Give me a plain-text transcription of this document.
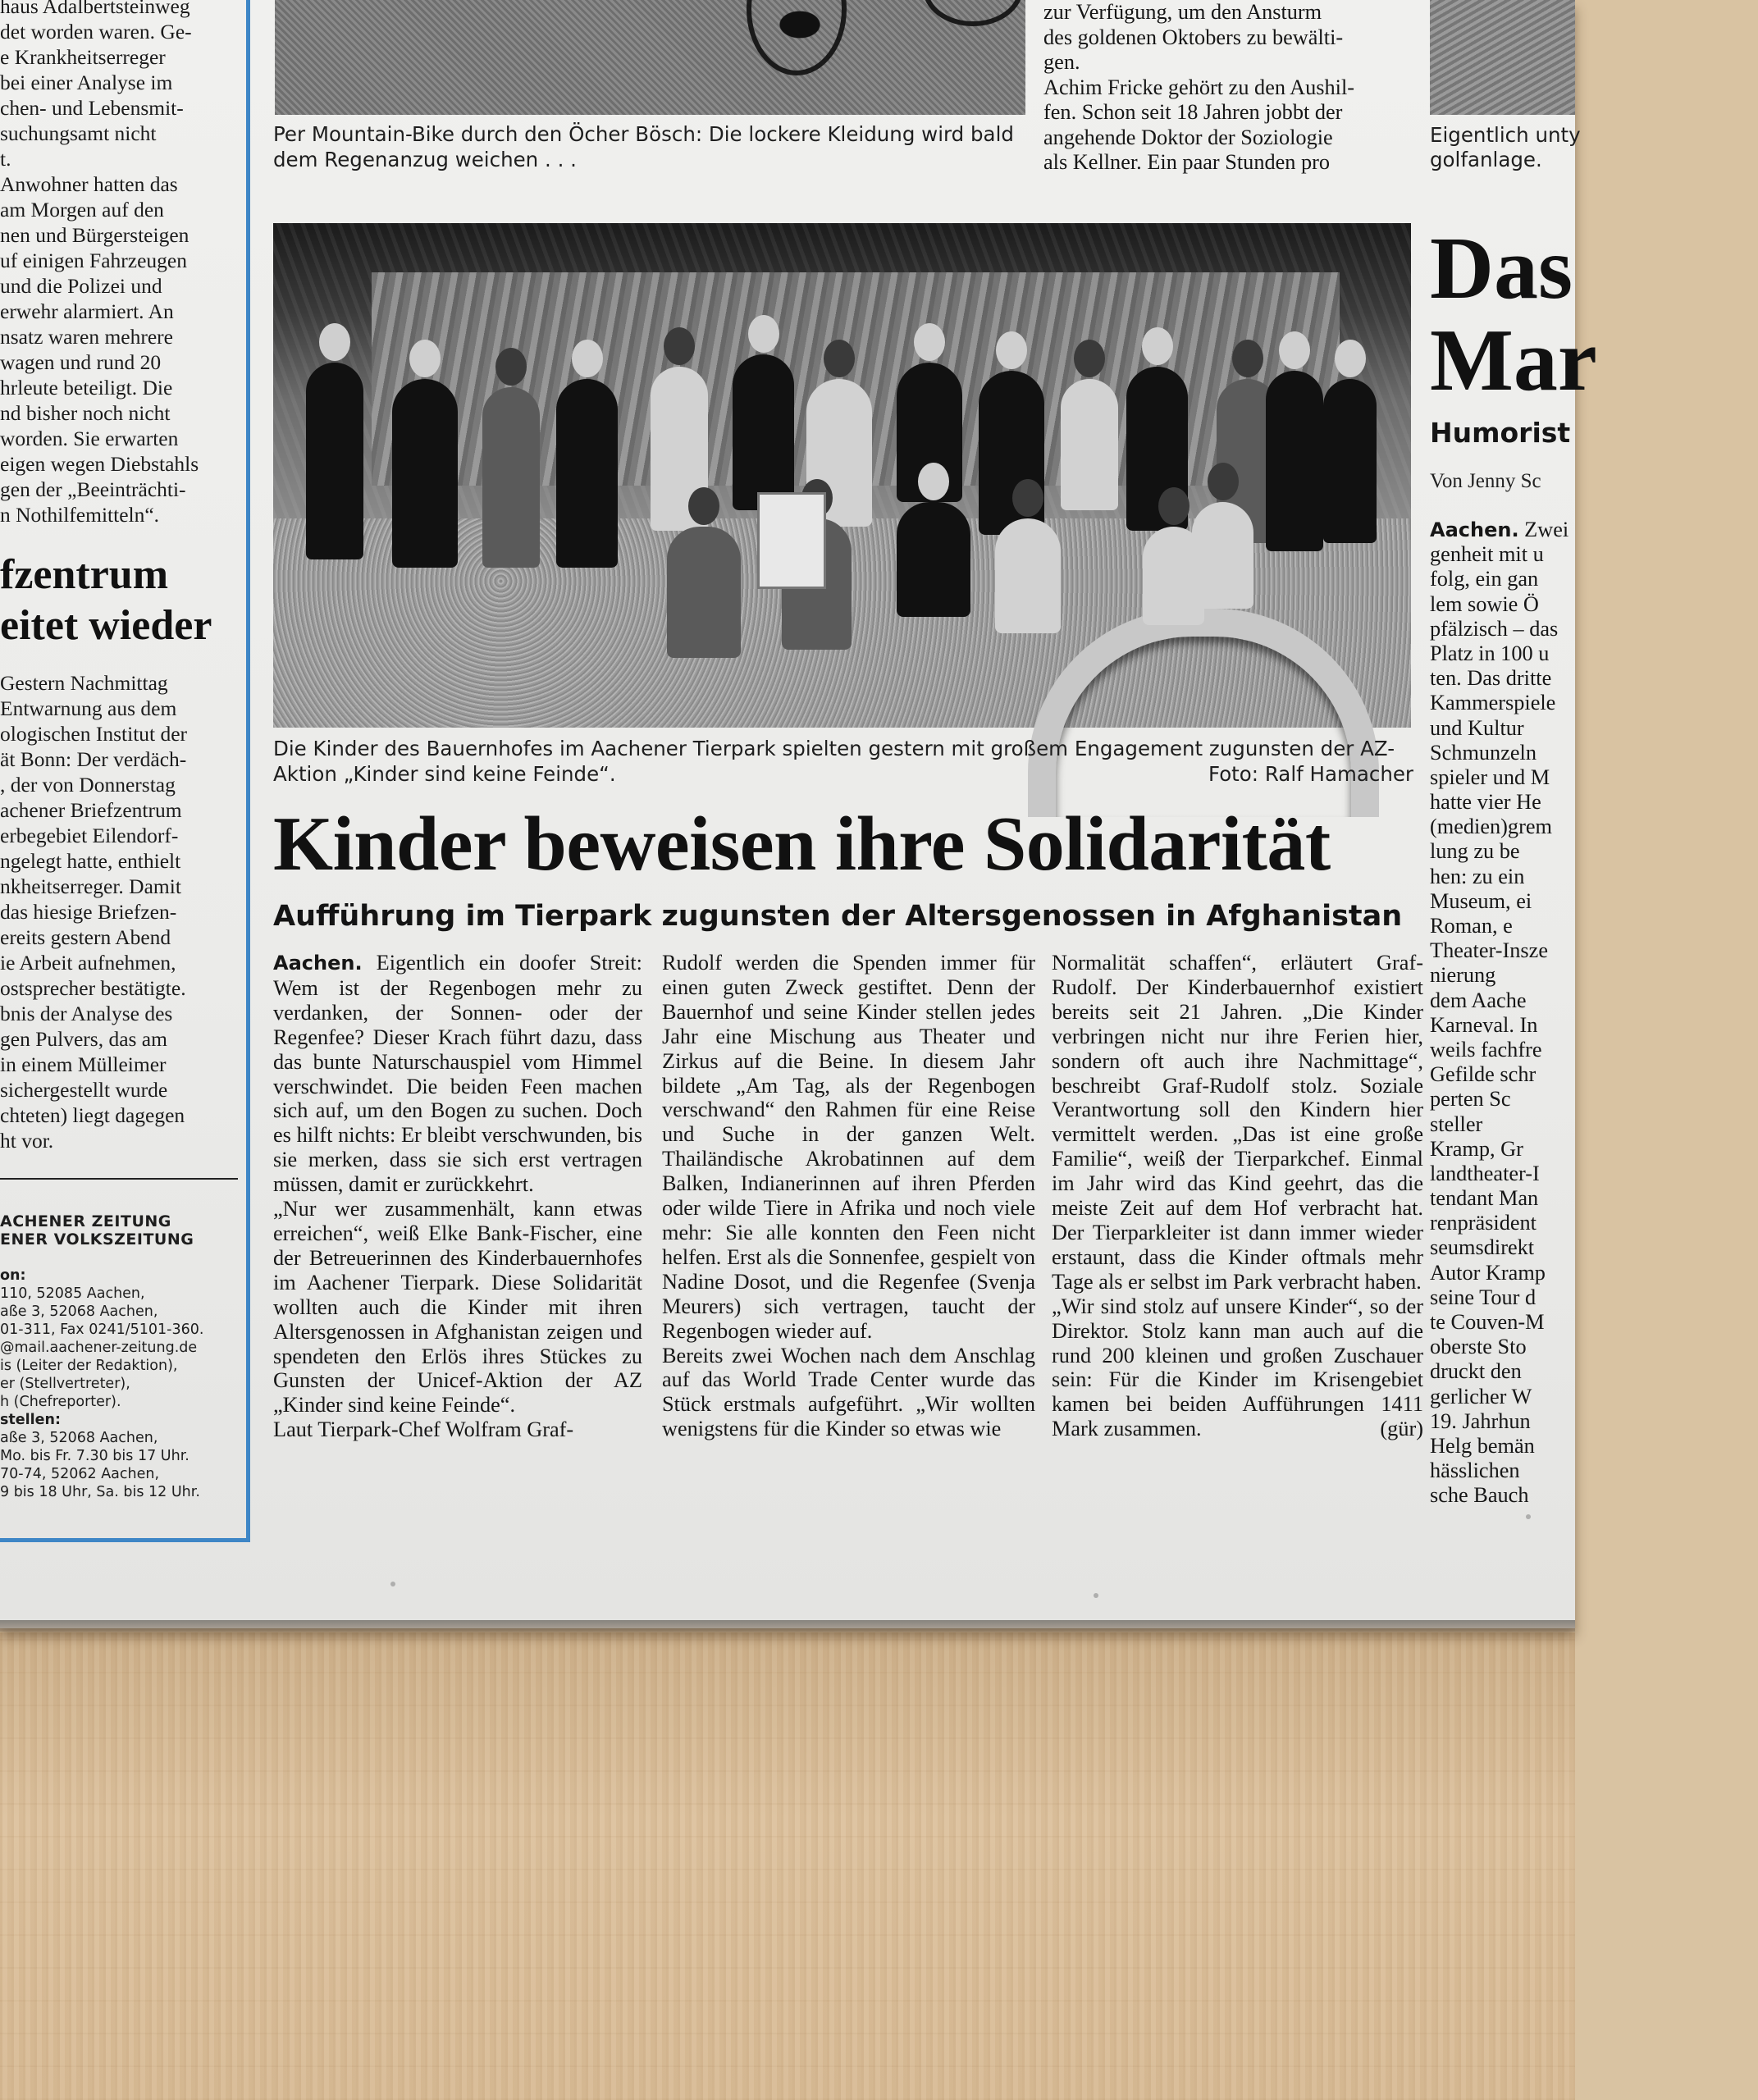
haus Adalbertsteinweg

det worden waren. Ge-

e Krankheitserreger

bei einer Analyse im

chen- und Lebensmit-

suchungsamt nicht

t.

Anwohner hatten das

am Morgen auf den

nen und Bürgersteigen

uf einigen Fahrzeugen

und die Polizei und

erwehr alarmiert. An

nsatz waren mehrere

wagen und rund 20

hrleute beteiligt. Die

nd bisher noch nicht

worden. Sie erwarten

eigen wegen Diebstahls

gen der „Beeinträchti-

n Nothilfemitteln“.

fzentrum
eitet wieder

Gestern Nachmittag

Entwarnung aus dem

ologischen Institut der

ät Bonn: Der verdäch-

, der von Donnerstag

achener Briefzentrum

erbegebiet Eilendorf-

ngelegt hatte, enthielt

nkheitserreger. Damit

das hiesige Briefzen-

ereits gestern Abend

ie Arbeit aufnehmen,

ostsprecher bestätigte.

bnis der Analyse des

gen Pulvers, das am

in einem Mülleimer

sichergestellt wurde

chteten) liegt dagegen

ht vor.

ACHENER ZEITUNG
ENER VOLKSZEITUNG
on:
110, 52085 Aachen,
aße 3, 52068 Aachen,
01-311, Fax 0241/5101-360.
@mail.aachener-zeitung.de
is (Leiter der Redaktion),
er (Stellvertreter),
h (Chefreporter).
stellen:
aße 3, 52068 Aachen,
Mo. bis Fr. 7.30 bis 17 Uhr.
70-74, 52062 Aachen,
9 bis 18 Uhr, Sa. bis 12 Uhr.
Per Mountain-Bike durch den Öcher Bösch: Die lockere Kleidung wird bald dem Regenanzug weichen . . .

zur Verfügung, um den Ansturm

des goldenen Oktobers zu bewälti-

gen.

Achim Fricke gehört zu den Aushil-

fen. Schon seit 18 Jahren jobbt der

angehende Doktor der Soziologie

als Kellner. Ein paar Stunden pro

Die Kinder des Bauernhofes im Aachener Tierpark spielten gestern mit großem Engagement zugunsten der AZ-Aktion „Kinder sind keine Feinde“.	Foto: Ralf Hamacher
Kinder beweisen ihre Solidarität
Aufführung im Tierpark zugunsten der Altersgenossen in Afghanistan

Aachen. Eigentlich ein doofer Streit: Wem ist der Regenbogen mehr zu verdanken, der Sonnen- oder der Regenfee? Dieser Krach führt dazu, dass das bunte Naturschauspiel vom Himmel verschwindet. Die beiden Feen machen sich auf, um den Bogen zu suchen. Doch es hilft nichts: Er bleibt verschwunden, bis sie merken, dass sie sich erst vertragen müssen, damit er zurückkehrt.

„Nur wer zusammenhält, kann etwas erreichen“, weiß Elke Bank-Fischer, eine der Betreuerinnen des Kinderbauernhofes im Aachener Tierpark. Diese Solidarität wollten auch die Kinder mit ihren Altersgenossen in Afghanistan zeigen und spendeten den Erlös ihres Stückes zu Gunsten der Unicef-Aktion der AZ „Kinder sind keine Feinde“.

Laut Tierpark-Chef Wolfram Graf-

Rudolf werden die Spenden immer für einen guten Zweck gestiftet. Denn der Bauernhof und seine Kinder stellen jedes Jahr eine Mischung aus Theater und Zirkus auf die Beine. In diesem Jahr bildete „Am Tag, als der Regenbogen verschwand“ den Rahmen für eine Reise und Suche in der ganzen Welt. Thailändische Akrobatinnen auf dem Balken, Indianerinnen auf ihren Pferden oder wilde Tiere in Afrika und noch viele mehr: Sie alle konnten den Feen nicht helfen. Erst als die Sonnenfee, gespielt von Nadine Dosot, und die Regenfee (Svenja Meurers) sich vertragen, taucht der Regenbogen wieder auf.

Bereits zwei Wochen nach dem Anschlag auf das World Trade Center wurde das Stück erstmals aufgeführt. „Wir wollten wenigstens für die Kinder so etwas wie

Normalität schaffen“, erläutert Graf-Rudolf. Der Kinderbauernhof existiert bereits seit 21 Jahren. „Die Kinder verbringen nicht nur ihre Ferien hier, sondern oft auch ihre Nachmittage“, beschreibt Graf-Rudolf stolz. Soziale Verantwortung soll den Kindern hier vermittelt werden. „Das ist eine große Familie“, weiß der Tierparkchef. Einmal im Jahr wird das Kind geehrt, das die meiste Zeit auf dem Hof verbracht hat. Der Tierparkleiter ist dann immer wieder erstaunt, dass die Kinder oftmals mehr Tage als er selbst im Park verbracht haben.

„Wir sind stolz auf unsere Kinder“, so der Direktor. Stolz kann man auch auf die rund 200 kleinen und großen Zuschauer sein: Für die Kinder im Krisengebiet kamen bei beiden Aufführungen 1411 Mark zusammen.	(gür)

Eigentlich unty
golfanlage.
Das
Mar
Humorist
Von Jenny Sc
Aachen. Zwei
genheit mit u
folg, ein gan
lem sowie Ö
pfälzisch – das
Platz in 100 u
ten. Das dritte
Kammerspiele
und Kultur
Schmunzeln
spieler und M
hatte vier He
(medien)grem
lung zu be
hen: zu ein
Museum, ei
Roman, e
Theater-Insze
nierung
dem Aache
Karneval. In
weils fachfre
Gefilde schr
perten Sc
steller
Kramp, Gr
landtheater-I
tendant Man
renpräsident
seumsdirekt
Autor Kramp
seine Tour d
te Couven-M
oberste Sto
druckt den
gerlicher W
19. Jahrhun
Helg bemän
hässlichen
sche Bauch
